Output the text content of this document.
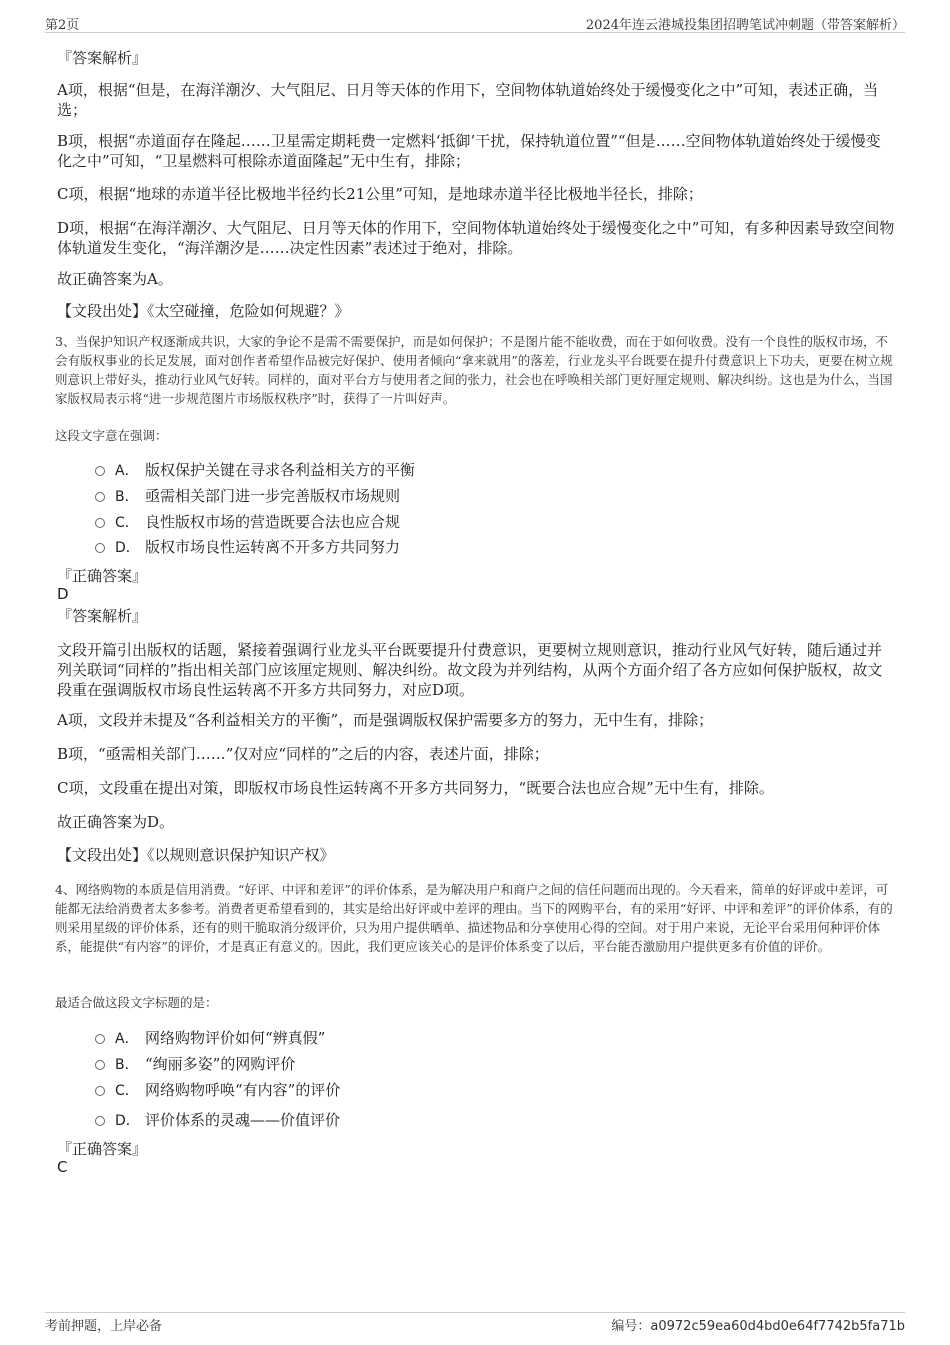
第2页	2024年连云港城投集团招聘笔试冲刺题（带答案解析）

『答案解析』

A项，根据“但是，在海洋潮汐、大气阻尼、日月等天体的作用下，空间物体轨道始终处于缓慢变化之中”可知，表述正确，当选；

B项，根据“赤道面存在隆起……卫星需定期耗费一定燃料‘抵御’干扰，保持轨道位置”“但是……空间物体轨道始终处于缓慢变化之中”可知，“卫星燃料可根除赤道面隆起”无中生有，排除；

C项，根据“地球的赤道半径比极地半径约长21公里”可知，是地球赤道半径比极地半径长，排除；

D项，根据“在海洋潮汐、大气阻尼、日月等天体的作用下，空间物体轨道始终处于缓慢变化之中”可知，有多种因素导致空间物体轨道发生变化，“海洋潮汐是……决定性因素”表述过于绝对，排除。

故正确答案为A。

【文段出处】《太空碰撞，危险如何规避？》

3、当保护知识产权逐渐成共识，大家的争论不是需不需要保护，而是如何保护；不是图片能不能收费，而在于如何收费。没有一个良性的版权市场，不会有版权事业的长足发展，面对创作者希望作品被完好保护、使用者倾向“拿来就用”的落差，行业龙头平台既要在提升付费意识上下功夫，更要在树立规则意识上带好头，推动行业风气好转。同样的，面对平台方与使用者之间的张力，社会也在呼唤相关部门更好厘定规则、解决纠纷。这也是为什么，当国家版权局表示将“进一步规范图片市场版权秩序”时，获得了一片叫好声。

这段文字意在强调：

A． 版权保护关键在寻求各利益相关方的平衡
B． 亟需相关部门进一步完善版权市场规则
C． 良性版权市场的营造既要合法也应合规
D． 版权市场良性运转离不开多方共同努力

『正确答案』

D

『答案解析』

文段开篇引出版权的话题，紧接着强调行业龙头平台既要提升付费意识，更要树立规则意识，推动行业风气好转，随后通过并列关联词“同样的”指出相关部门应该厘定规则、解决纠纷。故文段为并列结构，从两个方面介绍了各方应如何保护版权，故文段重在强调版权市场良性运转离不开多方共同努力，对应D项。

A项，文段并未提及“各利益相关方的平衡”，而是强调版权保护需要多方的努力，无中生有，排除；

B项，“亟需相关部门……”仅对应“同样的”之后的内容，表述片面，排除；

C项，文段重在提出对策，即版权市场良性运转离不开多方共同努力，“既要合法也应合规”无中生有，排除。

故正确答案为D。

【文段出处】《以规则意识保护知识产权》

4、网络购物的本质是信用消费。“好评、中评和差评”的评价体系，是为解决用户和商户之间的信任问题而出现的。今天看来，简单的好评或中差评，可能都无法给消费者太多参考。消费者更希望看到的，其实是给出好评或中差评的理由。当下的网购平台，有的采用“好评、中评和差评”的评价体系，有的则采用星级的评价体系，还有的则干脆取消分级评价，只为用户提供晒单、描述物品和分享使用心得的空间。对于用户来说，无论平台采用何种评价体系，能提供“有内容”的评价，才是真正有意义的。因此，我们更应该关心的是评价体系变了以后，平台能否激励用户提供更多有价值的评价。

最适合做这段文字标题的是：

A． 网络购物评价如何“辨真假”
B． “绚丽多姿”的网购评价
C． 网络购物呼唤“有内容”的评价
D． 评价体系的灵魂——价值评价

『正确答案』

C

考前押题，上岸必备	编号：a0972c59ea60d4bd0e64f7742b5fa71b
